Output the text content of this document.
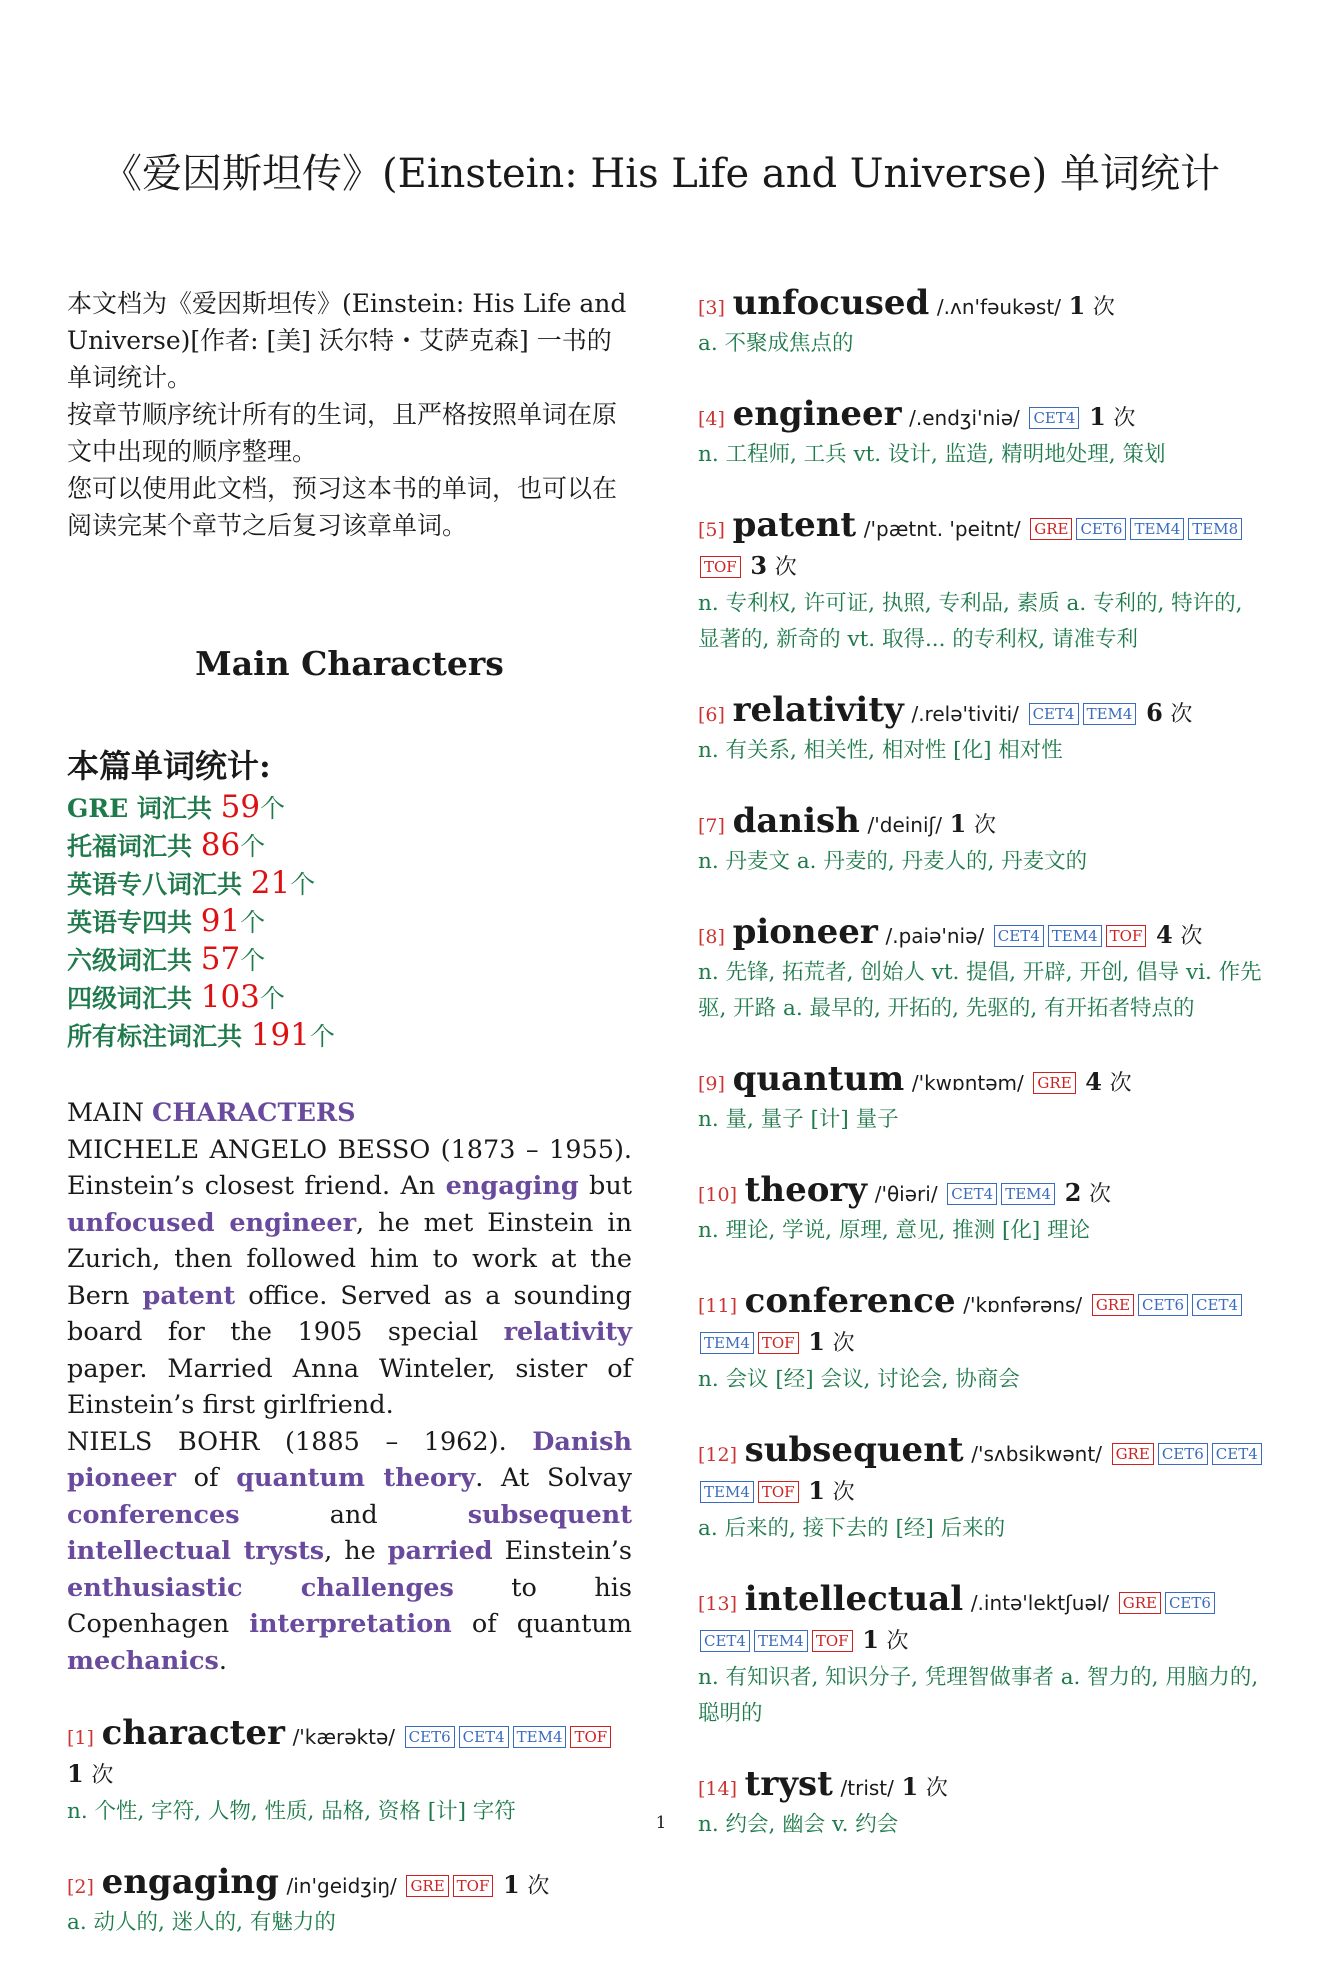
《爱因斯坦传》(Einstein: His Life and Universe) 单词统计

本文档为《爱因斯坦传》(Einstein: His Life and Universe)[作者: [美] 沃尔特・艾萨克森] 一书的单词统计。

按章节顺序统计所有的生词，且严格按照单词在原文中出现的顺序整理。

您可以使用此文档，预习这本书的单词，也可以在阅读完某个章节之后复习该章单词。

Main Characters
本篇单词统计:
GRE 词汇共 59个
托福词汇共 86个
英语专八词汇共 21个
英语专四共 91个
六级词汇共 57个
四级词汇共 103个
所有标注词汇共 191个
MAIN CHARACTERS
MICHELE ANGELO BESSO (1873 – 1955). Einstein’s closest friend. An engaging but unfocused engineer, he met Einstein in Zurich, then followed him to work at the Bern patent office. Served as a sounding board for the 1905 special relativity paper. Married Anna Winteler, sister of Einstein’s first girlfriend.
NIELS BOHR (1885 – 1962). Danish pioneer of quantum theory. At Solvay conferences and subsequent intellectual trysts, he parried Einstein’s enthusiastic challenges to his Copenhagen interpretation of quantum mechanics.
[1] character /'kærəktə/ CET6 CET4 TEM4 TOF 1 次
n. 个性, 字符, 人物, 性质, 品格, 资格 [计] 字符
[2] engaging /in'geidʒiŋ/ GRE TOF 1 次
a. 动人的, 迷人的, 有魅力的
[3] unfocused /.ʌn'fəukəst/ 1 次
a. 不聚成焦点的
[4] engineer /.endʒi'niə/ CET4 1 次
n. 工程师, 工兵 vt. 设计, 监造, 精明地处理, 策划
[5] patent /'pætnt. 'peitnt/ GRE CET6 TEM4 TEM8TOF 3 次
n. 专利权, 许可证, 执照, 专利品, 素质 a. 专利的, 特许的, 显著的, 新奇的 vt. 取得... 的专利权, 请准专利
[6] relativity /.relə'tiviti/ CET4 TEM4 6 次
n. 有关系, 相关性, 相对性 [化] 相对性
[7] danish /'deiniʃ/ 1 次
n. 丹麦文 a. 丹麦的, 丹麦人的, 丹麦文的
[8] pioneer /.paiə'niə/ CET4 TEM4 TOF 4 次
n. 先锋, 拓荒者, 创始人 vt. 提倡, 开辟, 开创, 倡导 vi. 作先驱, 开路 a. 最早的, 开拓的, 先驱的, 有开拓者特点的
[9] quantum /'kwɒntəm/ GRE 4 次
n. 量, 量子 [计] 量子
[10] theory /'θiəri/ CET4 TEM4 2 次
n. 理论, 学说, 原理, 意见, 推测 [化] 理论
[11] conference /'kɒnfərəns/ GRE CET6 CET4TEM4 TOF 1 次
n. 会议 [经] 会议, 讨论会, 协商会
[12] subsequent /'sʌbsikwənt/ GRE CET6 CET4TEM4 TOF 1 次
a. 后来的, 接下去的 [经] 后来的
[13] intellectual /.intə'lektʃuəl/ GRE CET6CET4 TEM4 TOF 1 次
n. 有知识者, 知识分子, 凭理智做事者 a. 智力的, 用脑力的, 聪明的
[14] tryst /trist/ 1 次
n. 约会, 幽会 v. 约会
1
